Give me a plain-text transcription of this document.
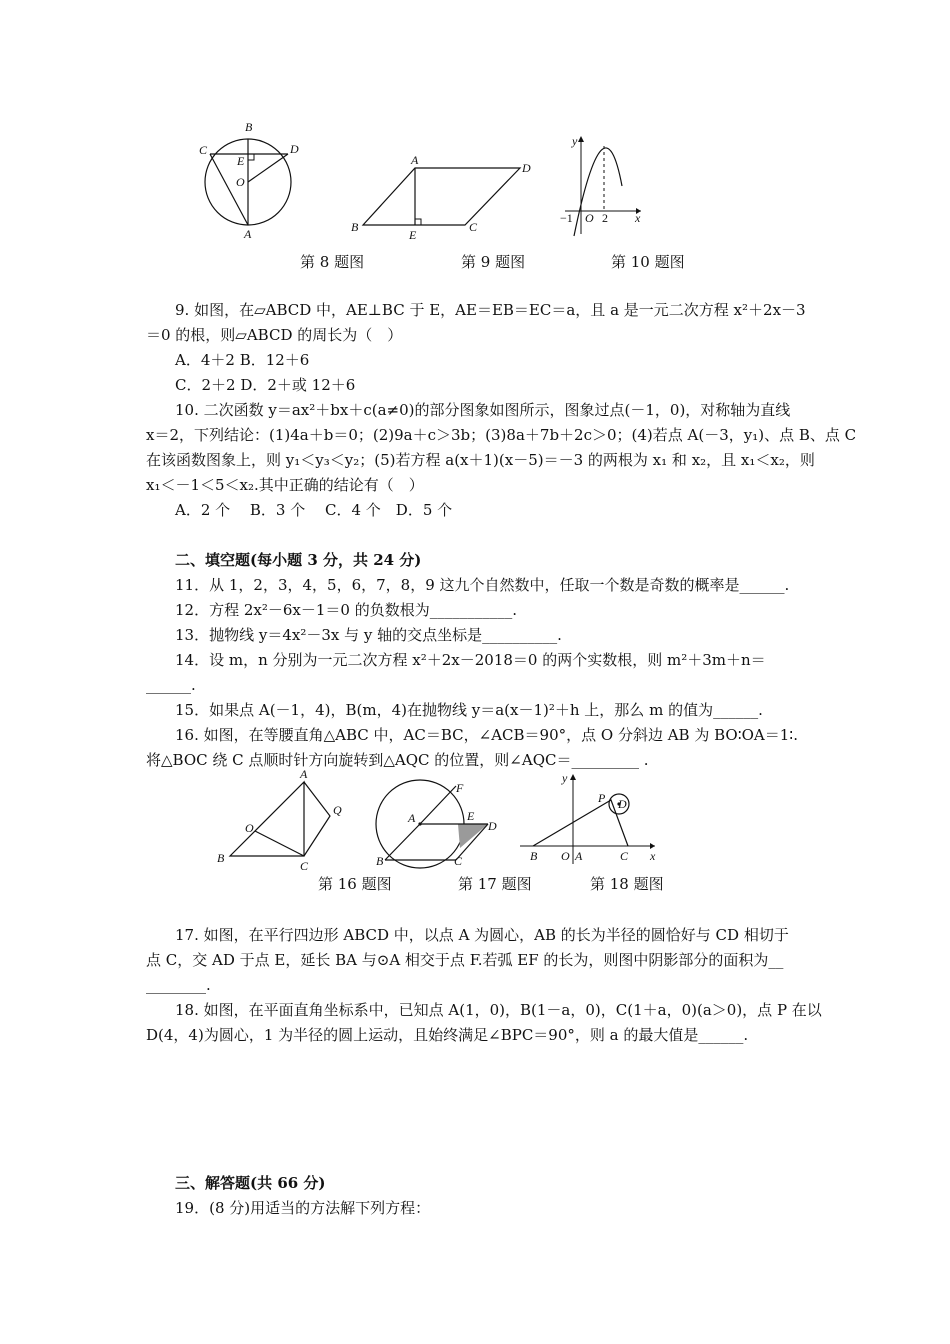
B
C	D
E
O
A
A
D
B
E
C
y
x
−1 O 2
第 8 题图	第 9 题图	第 10 题图
9. 如图，在▱ABCD 中，AE⊥BC 于 E，AE＝EB＝EC＝a，且 a 是一元二次方程 x²＋2x－3
＝0 的根，则▱ABCD 的周长为（　）
A．4＋2 B．12＋6
C．2＋2 D．2＋或 12＋6
10. 二次函数 y＝ax²＋bx＋c(a≠0)的部分图象如图所示，图象过点(－1，0)，对称轴为直线
x＝2，下列结论：(1)4a＋b＝0；(2)9a＋c＞3b；(3)8a＋7b＋2c＞0；(4)若点 A(－3，y₁)、点 B、点 C
在该函数图象上，则 y₁＜y₃＜y₂；(5)若方程 a(x＋1)(x－5)＝－3 的两根为 x₁ 和 x₂，且 x₁＜x₂，则
x₁＜－1＜5＜x₂.其中正确的结论有（　）
A．2 个　 B．3 个　 C．4 个　D．5 个
二、填空题(每小题 3 分，共 24 分)
11．从 1，2，3，4，5，6，7，8，9 这九个自然数中，任取一个数是奇数的概率是______.
12．方程 2x²－6x－1＝0 的负数根为___________.
13．抛物线 y＝4x²－3x 与 y 轴的交点坐标是__________.
14．设 m，n 分别为一元二次方程 x²＋2x－2018＝0 的两个实数根，则 m²＋3m＋n＝
______.
15．如果点 A(－1，4)，B(m，4)在抛物线 y＝a(x－1)²＋h 上，那么 m 的值为______.
16. 如图，在等腰直角△ABC 中，AC＝BC，∠ACB＝90°，点 O 分斜边 AB 为 BO∶OA＝1∶.
将△BOC 绕 C 点顺时针方向旋转到△AQC 的位置，则∠AQC＝_________ .
A
Q
O
B
C
F
A	E
D
B	C
y
P D
B O A	C x
第 16 题图	第 17 题图	第 18 题图
17. 如图，在平行四边形 ABCD 中，以点 A 为圆心，AB 的长为半径的圆恰好与 CD 相切于
点 C，交 AD 于点 E，延长 BA 与⊙A 相交于点 F.若弧 EF 的长为，则图中阴影部分的面积为__
________.
18. 如图，在平面直角坐标系中，已知点 A(1，0)，B(1－a，0)，C(1＋a，0)(a＞0)，点 P 在以
D(4，4)为圆心，1 为半径的圆上运动，且始终满足∠BPC＝90°，则 a 的最大值是______.
三、解答题(共 66 分)
19．(8 分)用适当的方法解下列方程：
